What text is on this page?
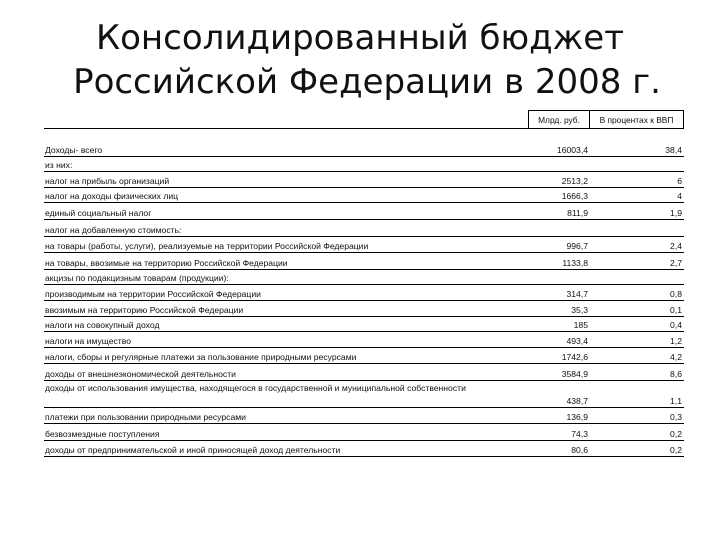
Консолидированный бюджет
Российской Федерации в 2008 г.
Млрд. руб.	В процентах к ВВП
Доходы- всего	16003,4	38,4
из них:
налог на прибыль организаций	2513,2	6
налог на доходы физических лиц	1666,3	4
единый социальный налог	811,9	1,9
налог на добавленную стоимость:
на товары (работы, услуги), реализуемые на территории Российской Федерации	996,7	2,4
на товары, ввозимые на территорию Российской Федерации	1133,8	2,7
акцизы по подакцизным товарам (продукции):
производимым на территории Российской Федерации	314,7	0,8
ввозимым на территорию Российской Федерации	35,3	0,1
налоги на совокупный доход	185	0,4
налоги на имущество	493,4	1,2
налоги, сборы и регулярные платежи за пользование природными ресурсами	1742,6	4,2
доходы от внешнеэкономической деятельности	3584,9	8,6
доходы от использования имущества, находящегося в государственной и муниципальной собственности
438,7	1,1
платежи при пользовании природными ресурсами	136,9	0,3
безвозмездные поступления	74,3	0,2
доходы от предпринимательской и иной приносящей доход деятельности	80,6	0,2
